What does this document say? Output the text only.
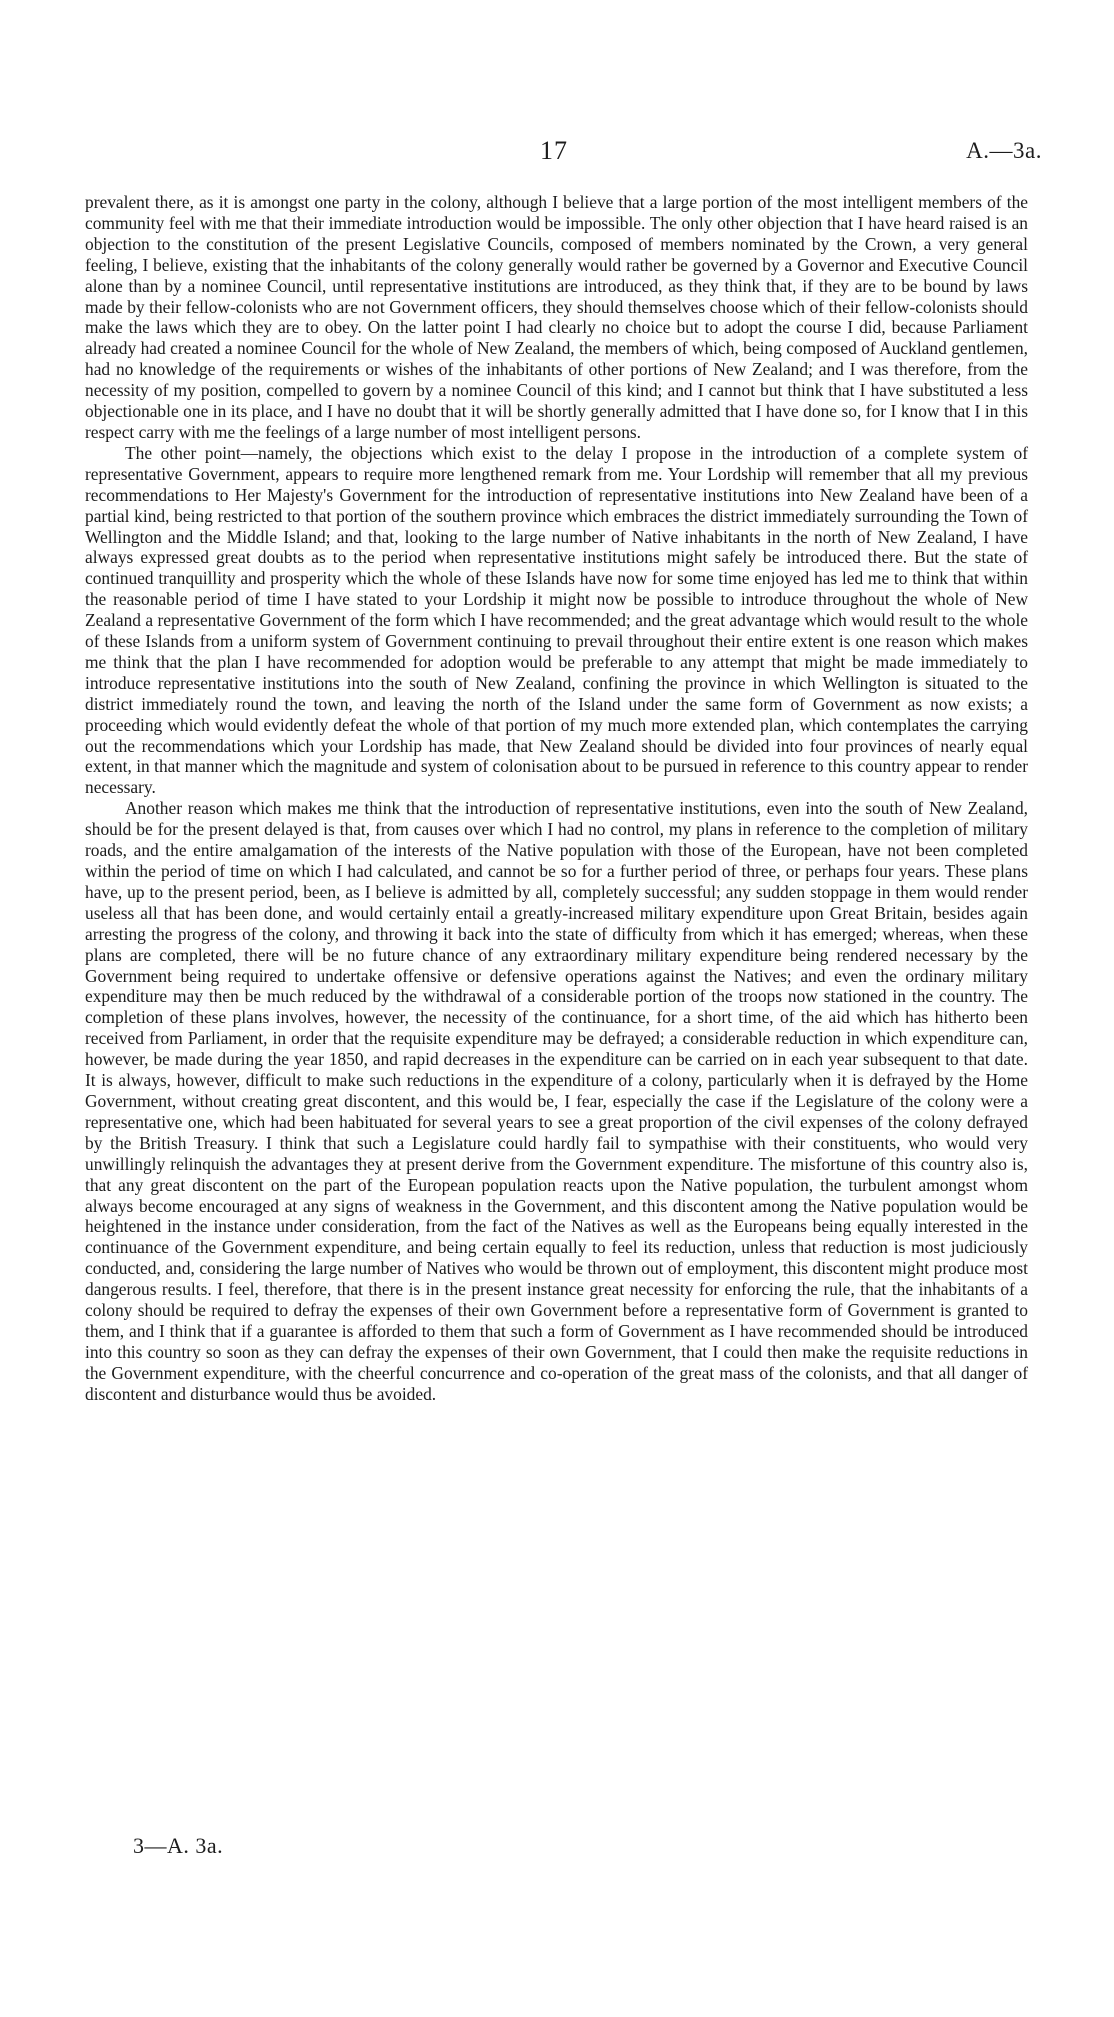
17	A.—3a.

prevalent there, as it is amongst one party in the colony, although I believe that a large portion of the most intelligent members of the community feel with me that their immediate introduction would be impossible. The only other objection that I have heard raised is an objection to the constitution of the present Legislative Councils, composed of members nominated by the Crown, a very general feeling, I believe, existing that the inhabitants of the colony generally would rather be governed by a Governor and Executive Council alone than by a nominee Council, until representative institutions are introduced, as they think that, if they are to be bound by laws made by their fellow-colonists who are not Government officers, they should themselves choose which of their fellow-colonists should make the laws which they are to obey. On the latter point I had clearly no choice but to adopt the course I did, because Parliament already had created a nominee Council for the whole of New Zealand, the members of which, being composed of Auckland gentlemen, had no knowledge of the requirements or wishes of the inhabitants of other portions of New Zealand; and I was therefore, from the necessity of my position, compelled to govern by a nominee Council of this kind; and I cannot but think that I have substituted a less objectionable one in its place, and I have no doubt that it will be shortly generally admitted that I have done so, for I know that I in this respect carry with me the feelings of a large number of most intelligent persons.

The other point—namely, the objections which exist to the delay I propose in the introduction of a complete system of representative Government, appears to require more lengthened remark from me. Your Lordship will remember that all my previous recommendations to Her Majesty's Government for the introduction of representative institutions into New Zealand have been of a partial kind, being restricted to that portion of the southern province which embraces the district immediately surrounding the Town of Wellington and the Middle Island; and that, looking to the large number of Native inhabitants in the north of New Zealand, I have always expressed great doubts as to the period when representative institutions might safely be introduced there. But the state of continued tranquillity and prosperity which the whole of these Islands have now for some time enjoyed has led me to think that within the reasonable period of time I have stated to your Lordship it might now be possible to introduce throughout the whole of New Zealand a representative Government of the form which I have recommended; and the great advantage which would result to the whole of these Islands from a uniform system of Government continuing to prevail throughout their entire extent is one reason which makes me think that the plan I have recommended for adoption would be preferable to any attempt that might be made immediately to introduce representative institutions into the south of New Zealand, confining the province in which Wellington is situated to the district immediately round the town, and leaving the north of the Island under the same form of Government as now exists; a proceeding which would evidently defeat the whole of that portion of my much more extended plan, which contemplates the carrying out the recommendations which your Lordship has made, that New Zealand should be divided into four provinces of nearly equal extent, in that manner which the magnitude and system of colonisation about to be pursued in reference to this country appear to render necessary.

Another reason which makes me think that the introduction of representative institutions, even into the south of New Zealand, should be for the present delayed is that, from causes over which I had no control, my plans in reference to the completion of military roads, and the entire amalgamation of the interests of the Native population with those of the European, have not been completed within the period of time on which I had calculated, and cannot be so for a further period of three, or perhaps four years. These plans have, up to the present period, been, as I believe is admitted by all, completely successful; any sudden stoppage in them would render useless all that has been done, and would certainly entail a greatly-increased military expenditure upon Great Britain, besides again arresting the progress of the colony, and throwing it back into the state of difficulty from which it has emerged; whereas, when these plans are completed, there will be no future chance of any extraordinary military expenditure being rendered necessary by the Government being required to undertake offensive or defensive operations against the Natives; and even the ordinary military expenditure may then be much reduced by the withdrawal of a considerable portion of the troops now stationed in the country. The completion of these plans involves, however, the necessity of the continuance, for a short time, of the aid which has hitherto been received from Parliament, in order that the requisite expenditure may be defrayed; a considerable reduction in which expenditure can, however, be made during the year 1850, and rapid decreases in the expenditure can be carried on in each year subsequent to that date. It is always, however, difficult to make such reductions in the expenditure of a colony, particularly when it is defrayed by the Home Government, without creating great discontent, and this would be, I fear, especially the case if the Legislature of the colony were a representative one, which had been habituated for several years to see a great proportion of the civil expenses of the colony defrayed by the British Treasury. I think that such a Legislature could hardly fail to sympathise with their constituents, who would very unwillingly relinquish the advantages they at present derive from the Government expenditure. The misfortune of this country also is, that any great discontent on the part of the European population reacts upon the Native population, the turbulent amongst whom always become encouraged at any signs of weakness in the Government, and this discontent among the Native population would be heightened in the instance under consideration, from the fact of the Natives as well as the Europeans being equally interested in the continuance of the Government expenditure, and being certain equally to feel its reduction, unless that reduction is most judiciously conducted, and, considering the large number of Natives who would be thrown out of employment, this discontent might produce most dangerous results. I feel, therefore, that there is in the present instance great necessity for enforcing the rule, that the inhabitants of a colony should be required to defray the expenses of their own Government before a representative form of Government is granted to them, and I think that if a guarantee is afforded to them that such a form of Government as I have recommended should be introduced into this country so soon as they can defray the expenses of their own Government, that I could then make the requisite reductions in the Government expenditure, with the cheerful concurrence and co-operation of the great mass of the colonists, and that all danger of discontent and disturbance would thus be avoided.

3—A. 3a.
